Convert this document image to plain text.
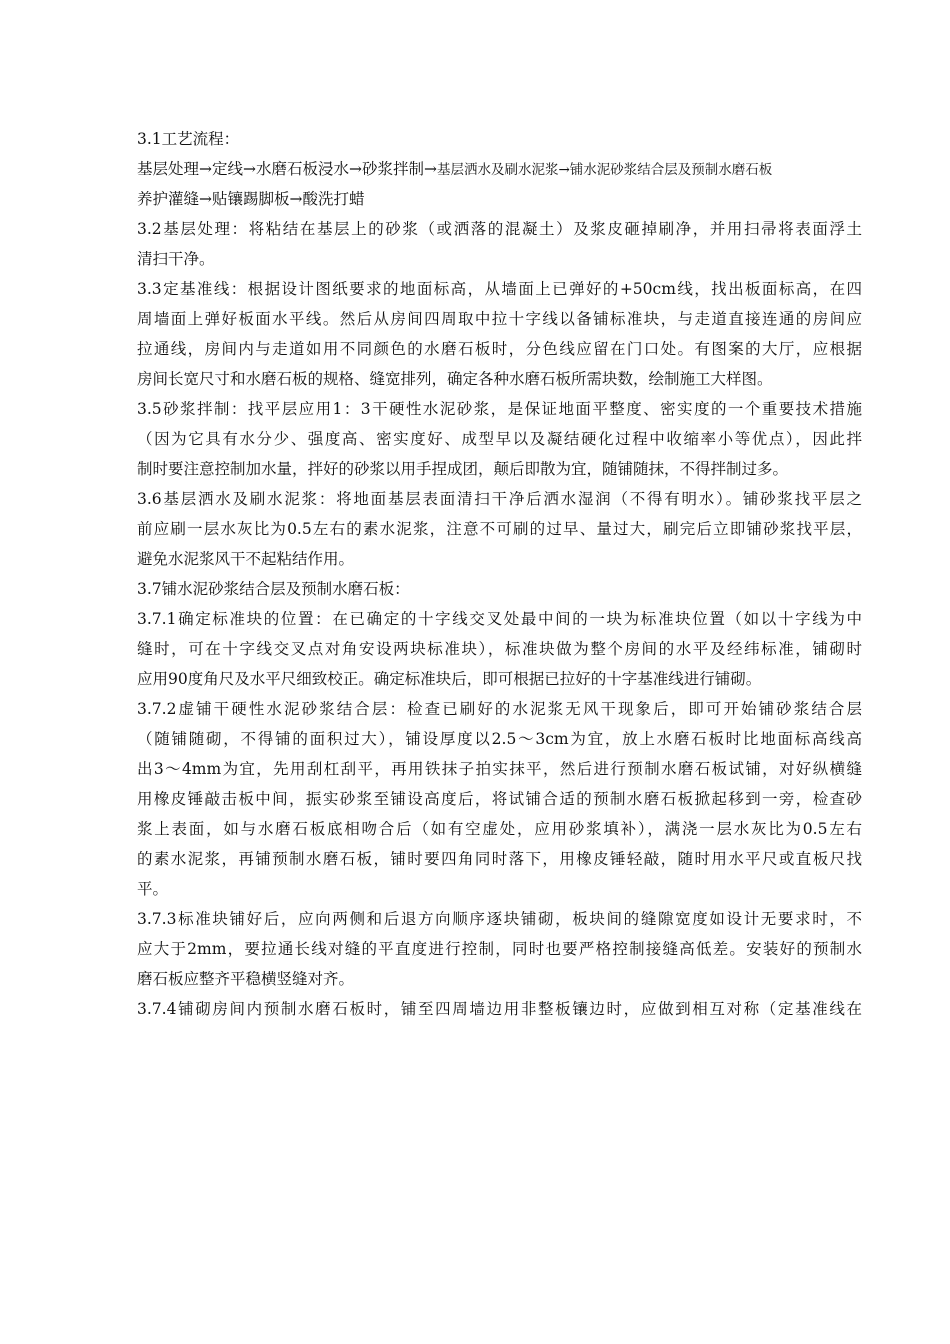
3.1工艺流程：
基层处理→定线→水磨石板浸水→砂浆拌制→基层洒水及刷水泥浆→铺水泥砂浆结合层及预制水磨石板
养护灌缝→贴镶踢脚板→酸洗打蜡
3.2基层处理：将粘结在基层上的砂浆（或洒落的混凝土）及浆皮砸掉刷净，并用扫帚将表面浮土
清扫干净。
3.3定基准线：根据设计图纸要求的地面标高，从墙面上已弹好的+50cm线，找出板面标高，在四
周墙面上弹好板面水平线。然后从房间四周取中拉十字线以备铺标准块，与走道直接连通的房间应
拉通线，房间内与走道如用不同颜色的水磨石板时，分色线应留在门口处。有图案的大厅，应根据
房间长宽尺寸和水磨石板的规格、缝宽排列，确定各种水磨石板所需块数，绘制施工大样图。
3.5砂浆拌制：找平层应用1：3干硬性水泥砂浆，是保证地面平整度、密实度的一个重要技术措施
（因为它具有水分少、强度高、密实度好、成型早以及凝结硬化过程中收缩率小等优点），因此拌
制时要注意控制加水量，拌好的砂浆以用手捏成团，颠后即散为宜，随铺随抹，不得拌制过多。
3.6基层洒水及刷水泥浆：将地面基层表面清扫干净后洒水湿润（不得有明水）。铺砂浆找平层之
前应刷一层水灰比为0.5左右的素水泥浆，注意不可刷的过早、量过大，刷完后立即铺砂浆找平层，
避免水泥浆风干不起粘结作用。
3.7铺水泥砂浆结合层及预制水磨石板：
3.7.1确定标准块的位置：在已确定的十字线交叉处最中间的一块为标准块位置（如以十字线为中
缝时，可在十字线交叉点对角安设两块标准块），标准块做为整个房间的水平及经纬标准，铺砌时
应用90度角尺及水平尺细致校正。确定标准块后，即可根据已拉好的十字基准线进行铺砌。
3.7.2虚铺干硬性水泥砂浆结合层：检查已刷好的水泥浆无风干现象后，即可开始铺砂浆结合层
（随铺随砌，不得铺的面积过大），铺设厚度以2.5～3cm为宜，放上水磨石板时比地面标高线高
出3～4mm为宜，先用刮杠刮平，再用铁抹子拍实抹平，然后进行预制水磨石板试铺，对好纵横缝
用橡皮锤敲击板中间，振实砂浆至铺设高度后，将试铺合适的预制水磨石板掀起移到一旁，检查砂
浆上表面，如与水磨石板底相吻合后（如有空虚处，应用砂浆填补），满浇一层水灰比为0.5左右
的素水泥浆，再铺预制水磨石板，铺时要四角同时落下，用橡皮锤轻敲，随时用水平尺或直板尺找
平。
3.7.3标准块铺好后，应向两侧和后退方向顺序逐块铺砌，板块间的缝隙宽度如设计无要求时，不
应大于2mm，要拉通长线对缝的平直度进行控制，同时也要严格控制接缝高低差。安装好的预制水
磨石板应整齐平稳横竖缝对齐。
3.7.4铺砌房间内预制水磨石板时，铺至四周墙边用非整板镶边时，应做到相互对称（定基准线在
